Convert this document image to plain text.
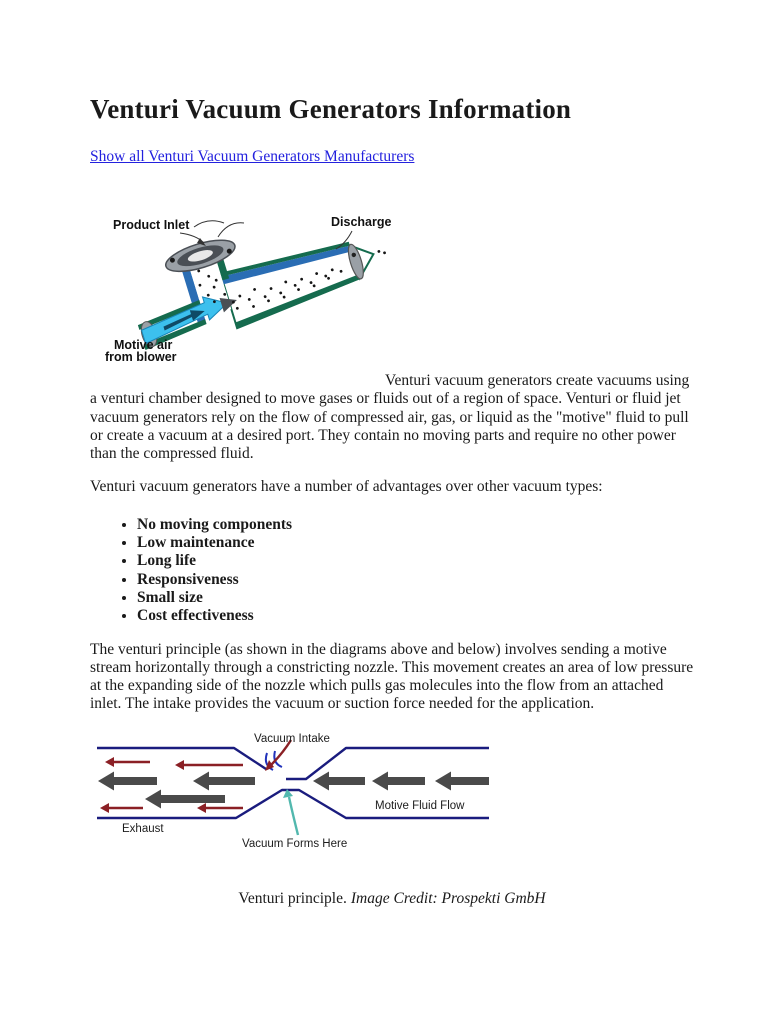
Venturi Vacuum Generators Information
Show all Venturi Vacuum Generators Manufacturers
Product Inlet	Discharge
Motive air
from blower

Venturi vacuum generators create vacuums using a venturi chamber designed to move gases or fluids out of a region of space. Venturi or fluid jet vacuum generators rely on the flow of compressed air, gas, or liquid as the "motive" fluid to pull or create a vacuum at a desired port. They contain no moving parts and require no other power than the compressed fluid.

Venturi vacuum generators have a number of advantages over other vacuum types:

• No moving components
• Low maintenance
• Long life
• Responsiveness
• Small size
• Cost effectiveness

The venturi principle (as shown in the diagrams above and below) involves sending a motive stream horizontally through a constricting nozzle. This movement creates an area of low pressure at the expanding side of the nozzle which pulls gas molecules into the flow from an attached inlet. The intake provides the vacuum or suction force needed for the application.

Vacuum Intake
Exhaust
Motive Fluid Flow
Vacuum Forms Here

Venturi principle. Image Credit: Prospekti GmbH
